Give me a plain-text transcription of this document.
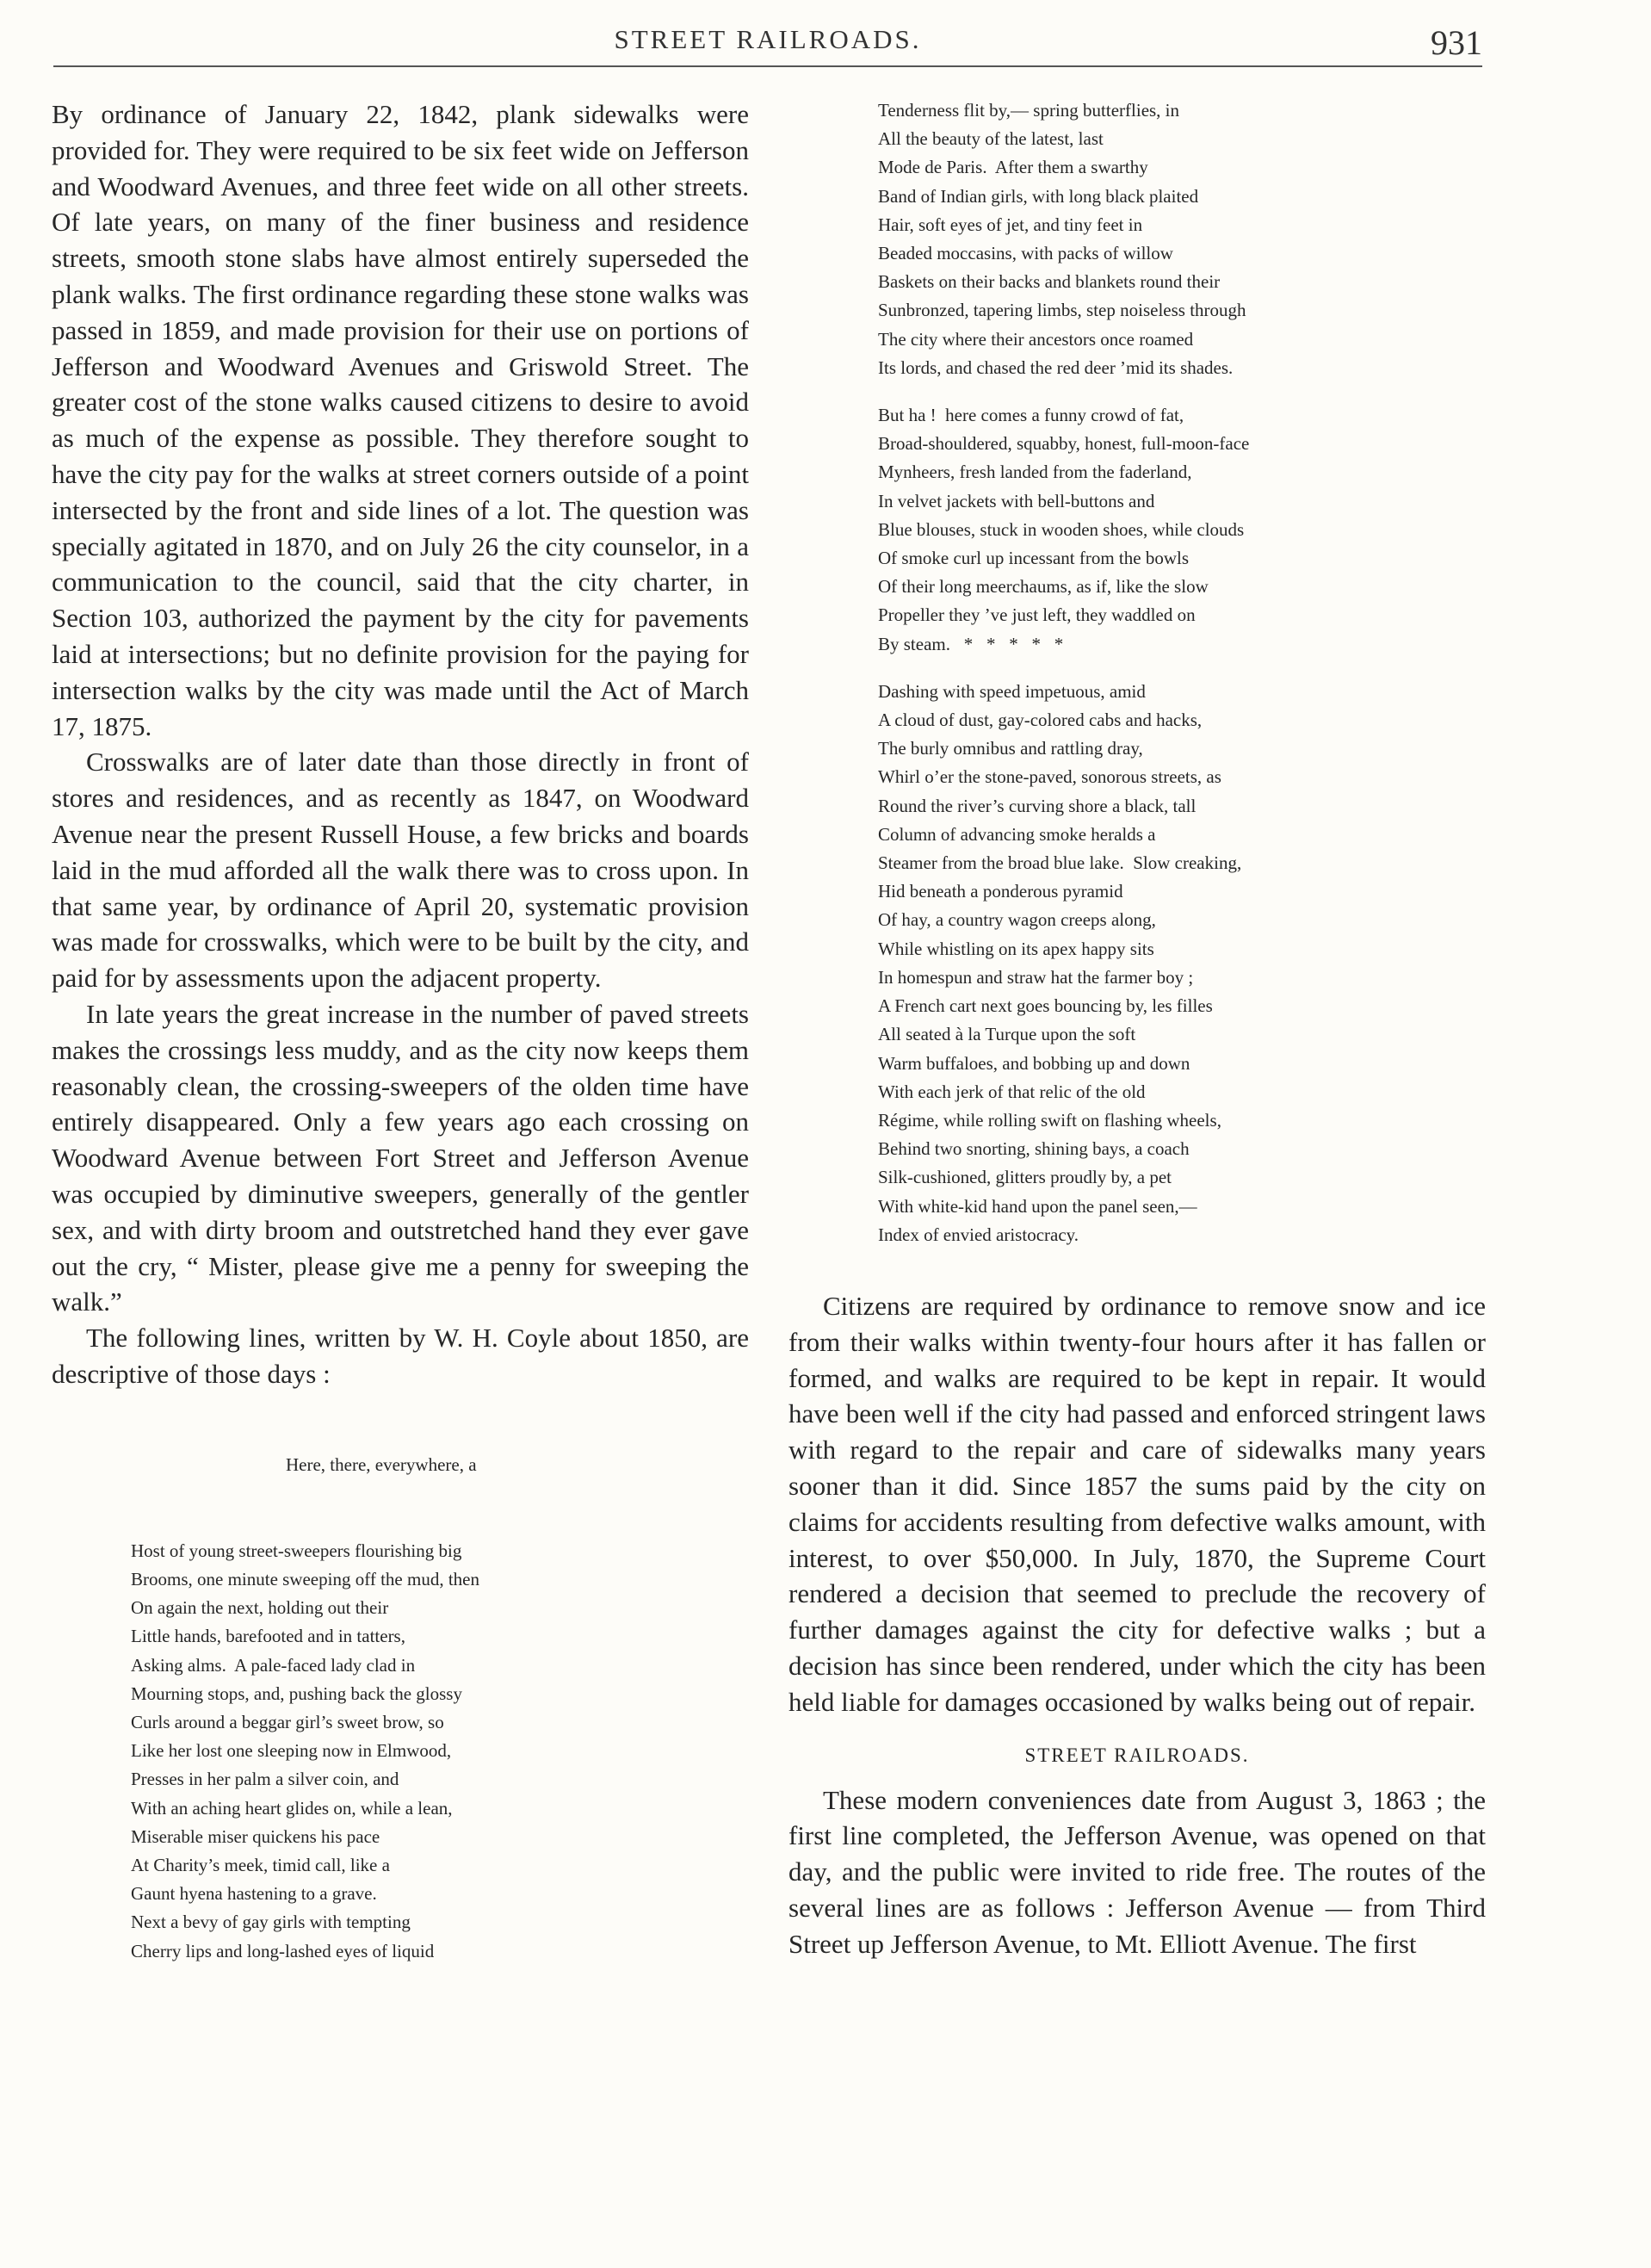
STREET RAILROADS.	931

By ordinance of January 22, 1842, plank sidewalks were provided for. They were required to be six feet wide on Jefferson and Woodward Avenues, and three feet wide on all other streets. Of late years, on many of the finer business and residence streets, smooth stone slabs have almost entirely superseded the plank walks. The first ordinance regarding these stone walks was passed in 1859, and made provision for their use on portions of Jefferson and Woodward Avenues and Griswold Street. The greater cost of the stone walks caused citizens to desire to avoid as much of the expense as possible. They therefore sought to have the city pay for the walks at street corners outside of a point intersected by the front and side lines of a lot. The question was specially agitated in 1870, and on July 26 the city counselor, in a communication to the council, said that the city charter, in Section 103, authorized the payment by the city for pavements laid at intersections; but no definite provision for the paying for intersection walks by the city was made until the Act of March 17, 1875.

Crosswalks are of later date than those directly in front of stores and residences, and as recently as 1847, on Woodward Avenue near the present Russell House, a few bricks and boards laid in the mud afforded all the walk there was to cross upon. In that same year, by ordinance of April 20, systematic provision was made for crosswalks, which were to be built by the city, and paid for by assessments upon the adjacent property.

In late years the great increase in the number of paved streets makes the crossings less muddy, and as the city now keeps them reasonably clean, the crossing-sweepers of the olden time have entirely disappeared. Only a few years ago each crossing on Woodward Avenue between Fort Street and Jefferson Avenue was occupied by diminutive sweepers, generally of the gentler sex, and with dirty broom and outstretched hand they ever gave out the cry, “ Mister, please give me a penny for sweeping the walk.”

The following lines, written by W. H. Coyle about 1850, are descriptive of those days :

Here, there, everywhere, a

Host of young street-sweepers flourishing big
Brooms, one minute sweeping off the mud, then
On again the next, holding out their
Little hands, barefooted and in tatters,
Asking alms.  A pale-faced lady clad in
Mourning stops, and, pushing back the glossy
Curls around a beggar girl’s sweet brow, so
Like her lost one sleeping now in Elmwood,
Presses in her palm a silver coin, and
With an aching heart glides on, while a lean,
Miserable miser quickens his pace
At Charity’s meek, timid call, like a
Gaunt hyena hastening to a grave.
Next a bevy of gay girls with tempting
Cherry lips and long-lashed eyes of liquid

Tenderness flit by,— spring butterflies, in
All the beauty of the latest, last
Mode de Paris.  After them a swarthy
Band of Indian girls, with long black plaited
Hair, soft eyes of jet, and tiny feet in
Beaded moccasins, with packs of willow
Baskets on their backs and blankets round their
Sunbronzed, tapering limbs, step noiseless through
The city where their ancestors once roamed
Its lords, and chased the red deer ’mid its shades.
But ha !  here comes a funny crowd of fat,
Broad-shouldered, squabby, honest, full-moon-face
Mynheers, fresh landed from the faderland,
In velvet jackets with bell-buttons and
Blue blouses, stuck in wooden shoes, while clouds
Of smoke curl up incessant from the bowls
Of their long meerchaums, as if, like the slow
Propeller they ’ve just left, they waddled on
By steam.   *   *   *   *   *
Dashing with speed impetuous, amid
A cloud of dust, gay-colored cabs and hacks,
The burly omnibus and rattling dray,
Whirl o’er the stone-paved, sonorous streets, as
Round the river’s curving shore a black, tall
Column of advancing smoke heralds a
Steamer from the broad blue lake.  Slow creaking,
Hid beneath a ponderous pyramid
Of hay, a country wagon creeps along,
While whistling on its apex happy sits
In homespun and straw hat the farmer boy ;
A French cart next goes bouncing by, les filles
All seated à la Turque upon the soft
Warm buffaloes, and bobbing up and down
With each jerk of that relic of the old
Régime, while rolling swift on flashing wheels,
Behind two snorting, shining bays, a coach
Silk-cushioned, glitters proudly by, a pet
With white-kid hand upon the panel seen,—
Index of envied aristocracy.

Citizens are required by ordinance to remove snow and ice from their walks within twenty-four hours after it has fallen or formed, and walks are required to be kept in repair. It would have been well if the city had passed and enforced stringent laws with regard to the repair and care of sidewalks many years sooner than it did. Since 1857 the sums paid by the city on claims for accidents resulting from defective walks amount, with interest, to over $50,000. In July, 1870, the Supreme Court rendered a decision that seemed to preclude the recovery of further damages against the city for defective walks ; but a decision has since been rendered, under which the city has been held liable for damages occasioned by walks being out of repair.

STREET RAILROADS.

These modern conveniences date from August 3, 1863 ; the first line completed, the Jefferson Avenue, was opened on that day, and the public were invited to ride free. The routes of the several lines are as follows : Jefferson Avenue — from Third Street up Jefferson Avenue, to Mt. Elliott Avenue. The first
